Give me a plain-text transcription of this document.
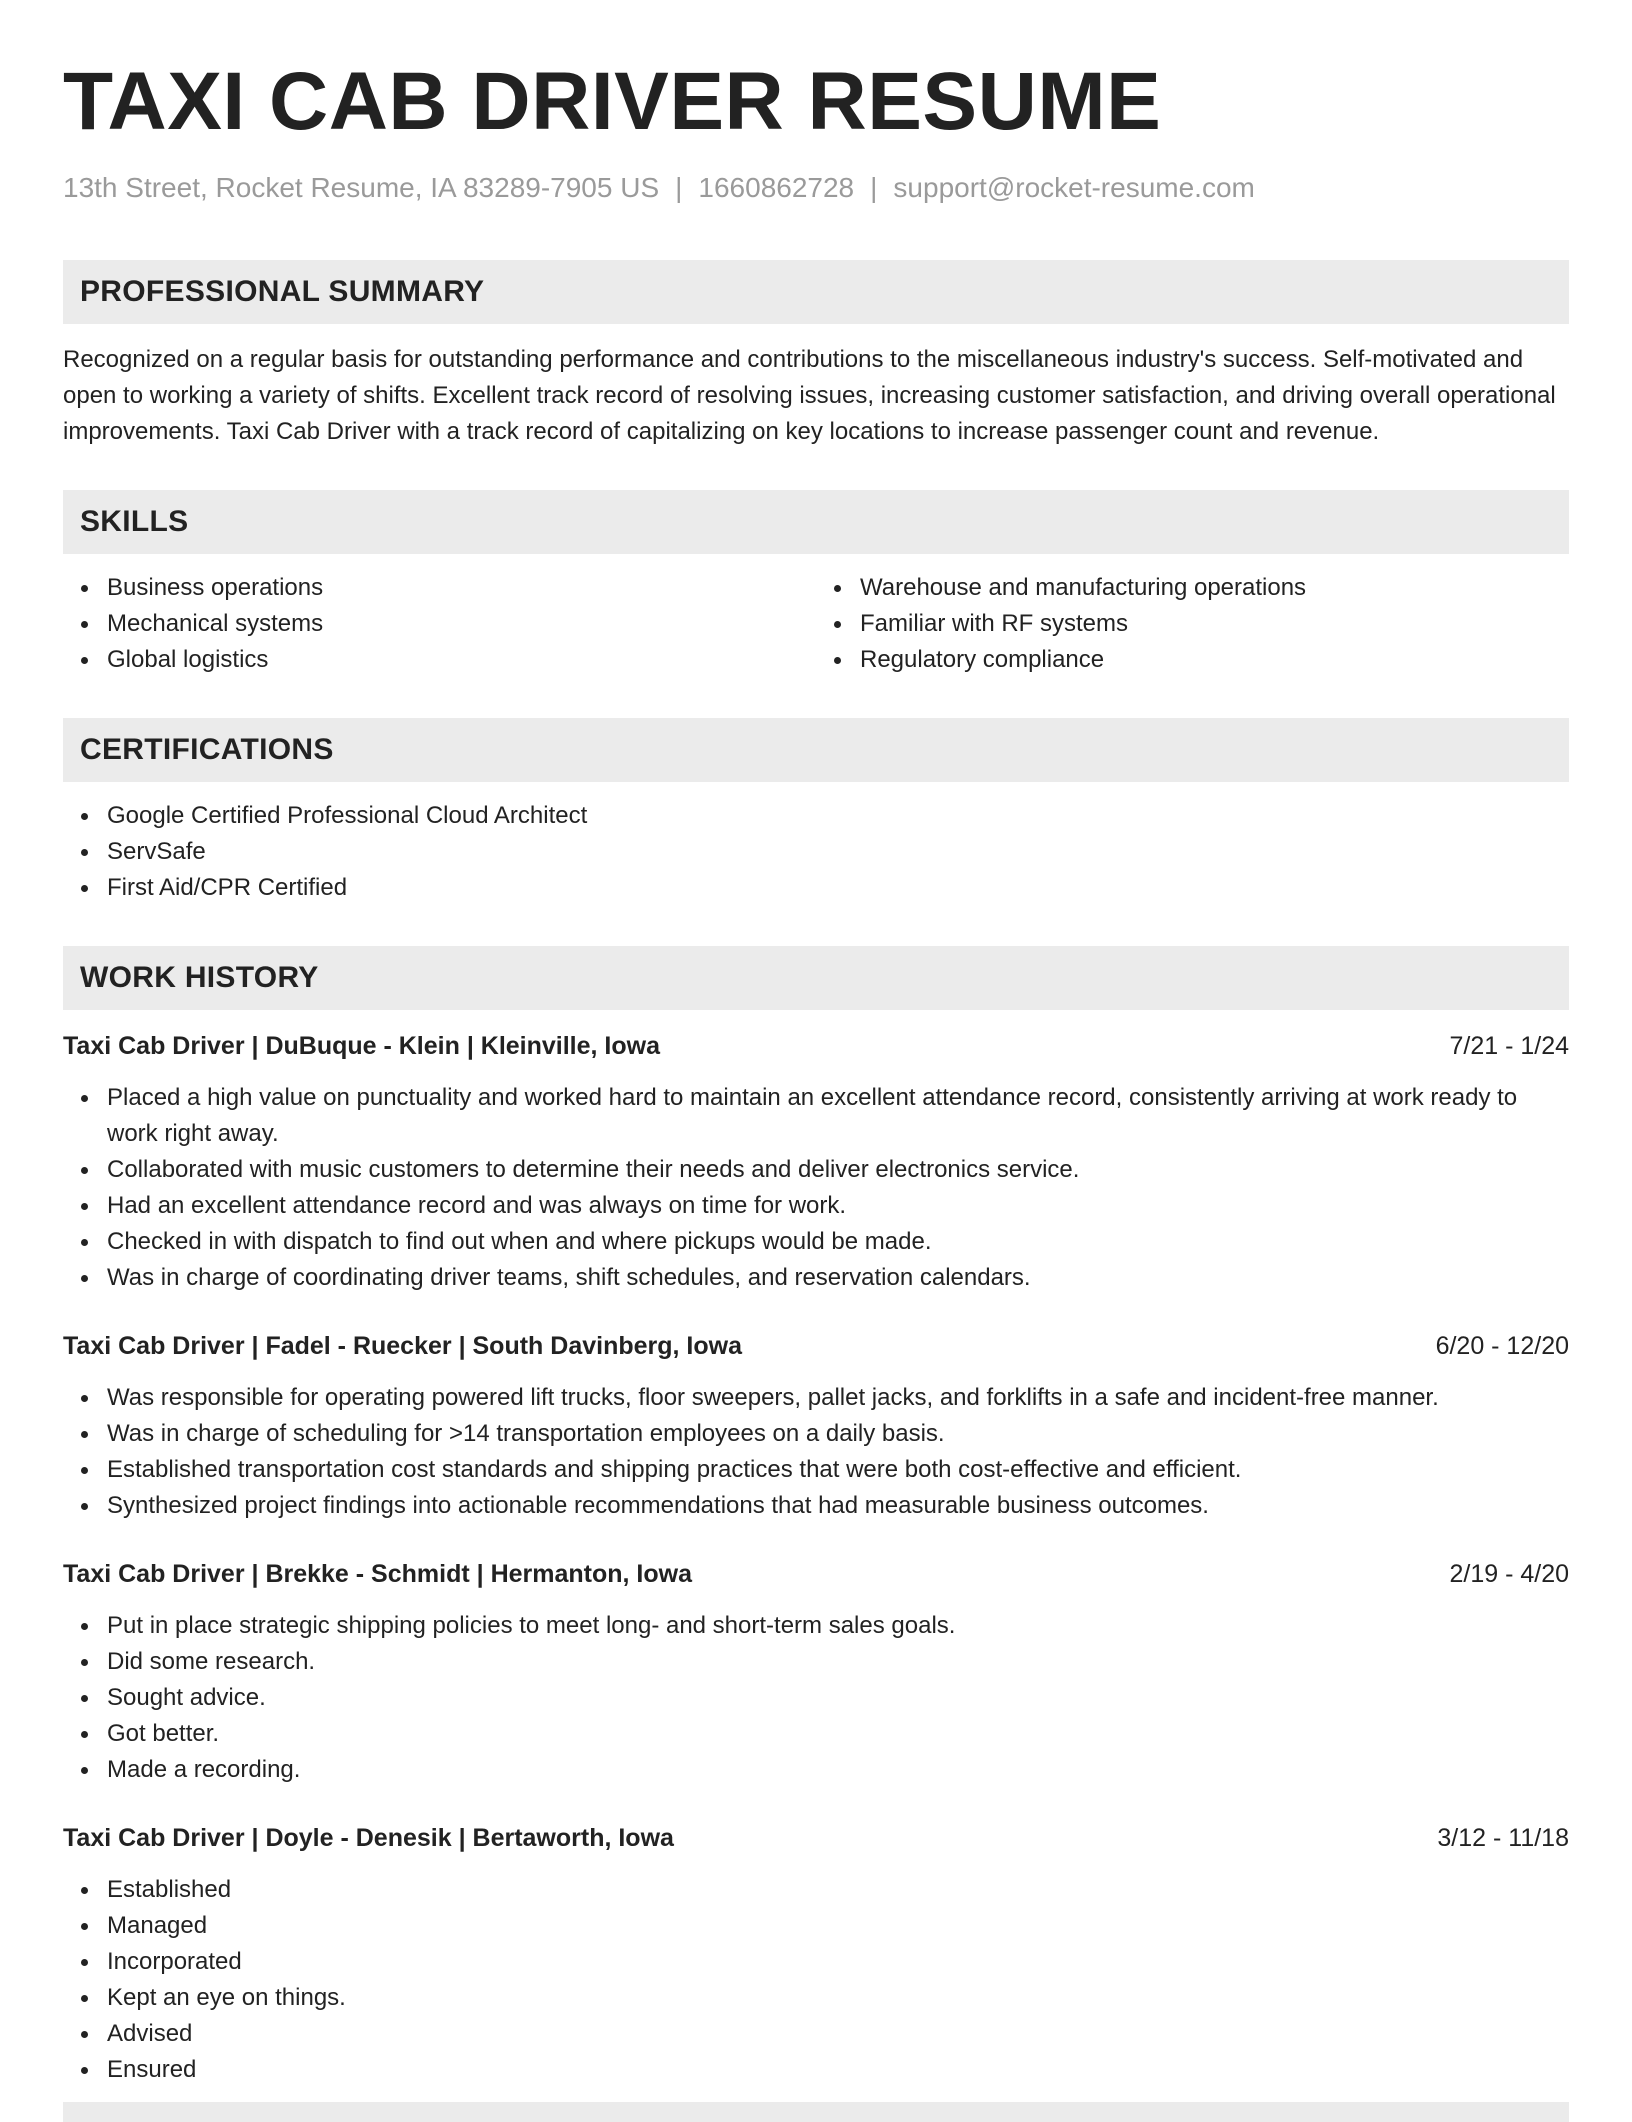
TAXI CAB DRIVER RESUME
13th Street, Rocket Resume, IA 83289-7905 US | 1660862728 | support@rocket-resume.com
PROFESSIONAL SUMMARY

Recognized on a regular basis for outstanding performance and contributions to the miscellaneous industry's success. Self-motivated and open to working a variety of shifts. Excellent track record of resolving issues, increasing customer satisfaction, and driving overall operational improvements. Taxi Cab Driver with a track record of capitalizing on key locations to increase passenger count and revenue.

SKILLS
Business operations
Mechanical systems
Global logistics
Warehouse and manufacturing operations
Familiar with RF systems
Regulatory compliance
CERTIFICATIONS
Google Certified Professional Cloud Architect
ServSafe
First Aid/CPR Certified
WORK HISTORY
Taxi Cab Driver | DuBuque - Klein | Kleinville, Iowa	7/21 - 1/24
Placed a high value on punctuality and worked hard to maintain an excellent attendance record, consistently arriving at work ready to work right away.
Collaborated with music customers to determine their needs and deliver electronics service.
Had an excellent attendance record and was always on time for work.
Checked in with dispatch to find out when and where pickups would be made.
Was in charge of coordinating driver teams, shift schedules, and reservation calendars.
Taxi Cab Driver | Fadel - Ruecker | South Davinberg, Iowa	6/20 - 12/20
Was responsible for operating powered lift trucks, floor sweepers, pallet jacks, and forklifts in a safe and incident-free manner.
Was in charge of scheduling for >14 transportation employees on a daily basis.
Established transportation cost standards and shipping practices that were both cost-effective and efficient.
Synthesized project findings into actionable recommendations that had measurable business outcomes.
Taxi Cab Driver | Brekke - Schmidt | Hermanton, Iowa	2/19 - 4/20
Put in place strategic shipping policies to meet long- and short-term sales goals.
Did some research.
Sought advice.
Got better.
Made a recording.
Taxi Cab Driver | Doyle - Denesik | Bertaworth, Iowa	3/12 - 11/18
Established
Managed
Incorporated
Kept an eye on things.
Advised
Ensured
